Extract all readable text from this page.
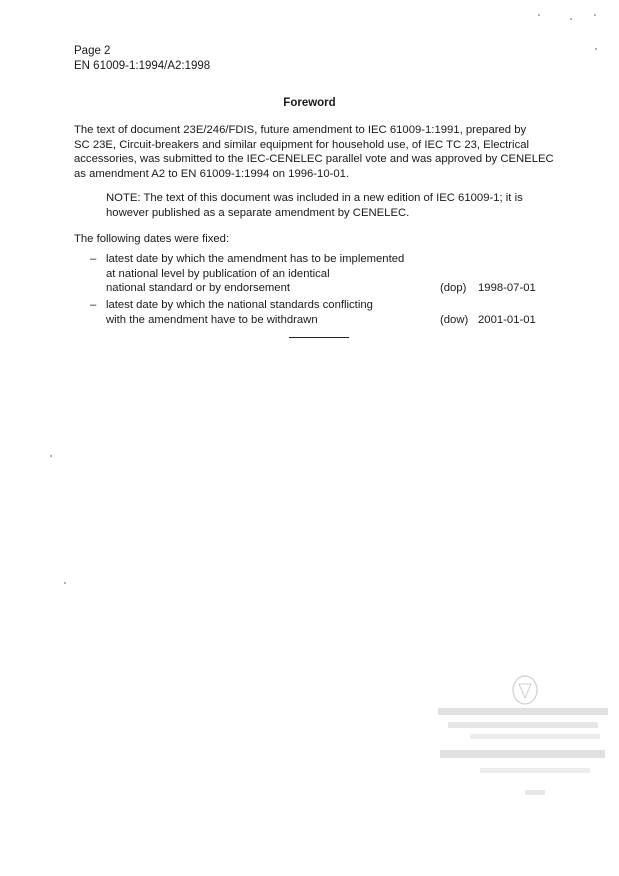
Page 2
EN 61009-1:1994/A2:1998
Foreword
The text of document 23E/246/FDIS, future amendment to IEC 61009-1:1991, prepared by
SC 23E, Circuit-breakers and similar equipment for household use, of IEC TC 23, Electrical
accessories, was submitted to the IEC-CENELEC parallel vote and was approved by CENELEC
as amendment A2 to EN 61009-1:1994 on 1996-10-01.
NOTE: The text of this document was included in a new edition of IEC 61009-1; it is
however published as a separate amendment by CENELEC.
The following dates were fixed:
– latest date by which the amendment has to be implemented
at national level by publication of an identical
national standard or by endorsement	(dop) 1998-07-01
– latest date by which the national standards conflicting
with the amendment have to be withdrawn	(dow) 2001-01-01
